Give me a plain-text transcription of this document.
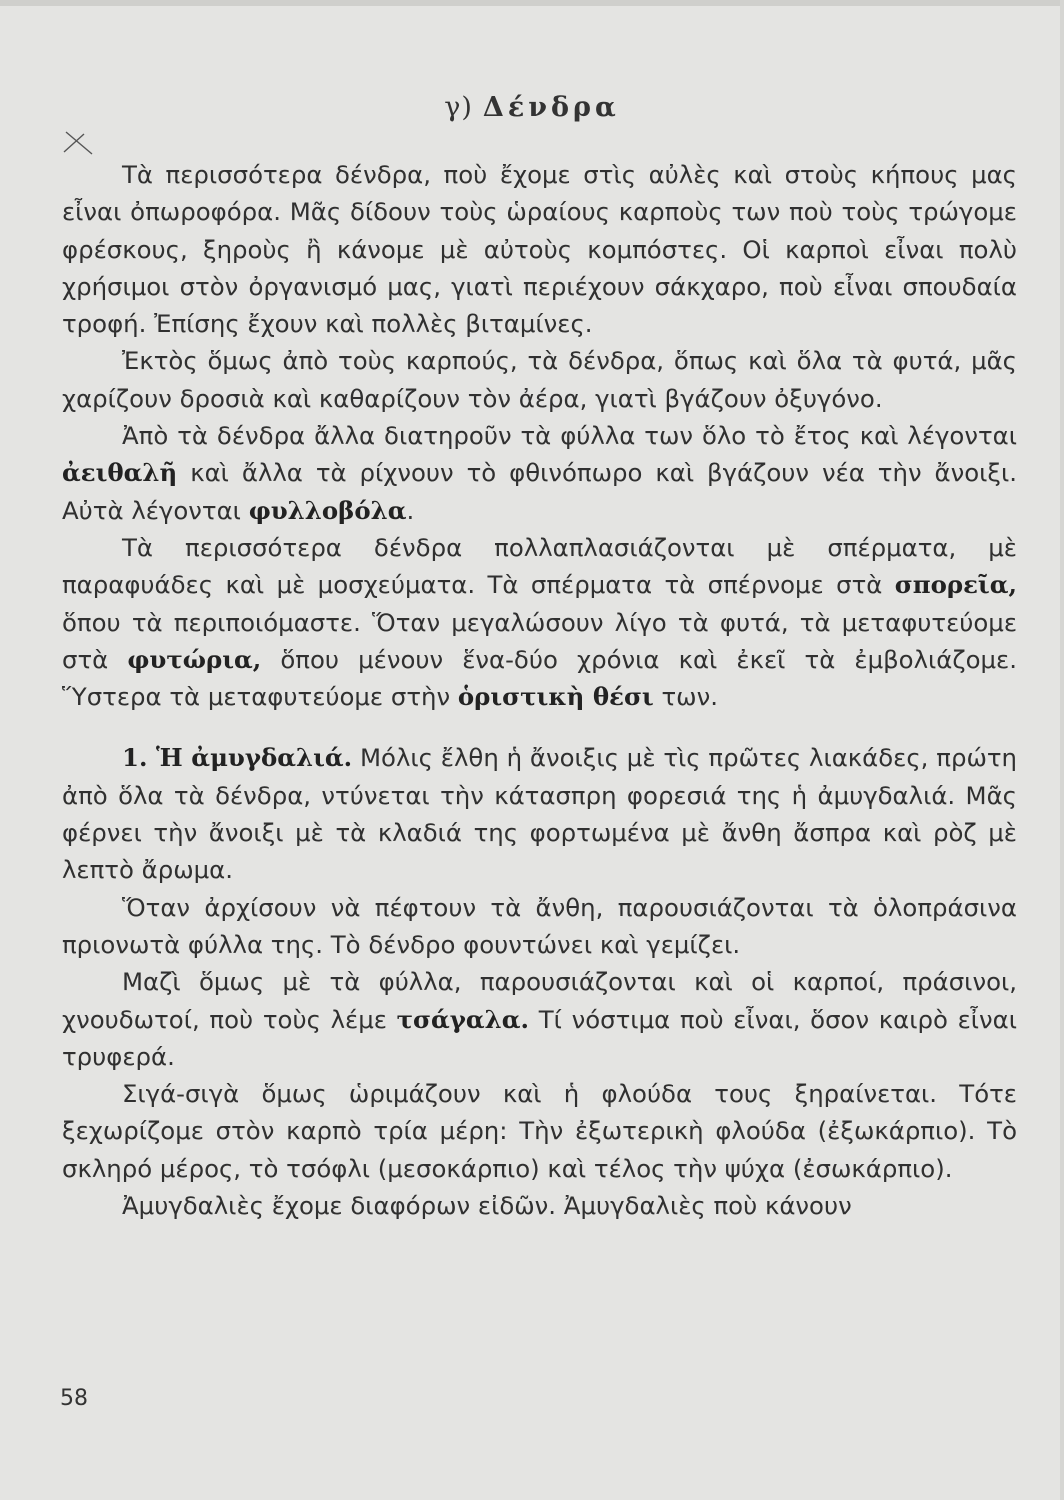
γ) Δένδρα

Τὰ περισσότερα δένδρα, ποὺ ἔχομε στὶς αὐλὲς καὶ στοὺς κήπους μας εἶναι ὀπωροφόρα. Μᾶς δίδουν τοὺς ὡραίους καρποὺς των ποὺ τοὺς τρώγομε φρέσκους, ξηροὺς ἢ κάνομε μὲ αὐτοὺς κομπόστες. Οἱ καρποὶ εἶναι πολὺ χρήσιμοι στὸν ὀργανισμό μας, γιατὶ περιέχουν σάκχαρο, ποὺ εἶναι σπουδαία τροφή. Ἐπίσης ἔχουν καὶ πολλὲς βιταμίνες.

Ἐκτὸς ὅμως ἀπὸ τοὺς καρπούς, τὰ δένδρα, ὅπως καὶ ὅλα τὰ φυτά, μᾶς χαρίζουν δροσιὰ καὶ καθαρίζουν τὸν ἀέρα, γιατὶ βγάζουν ὀξυγόνο.

Ἀπὸ τὰ δένδρα ἄλλα διατηροῦν τὰ φύλλα των ὅλο τὸ ἔτος καὶ λέγονται ἀειθαλῆ καὶ ἄλλα τὰ ρίχνουν τὸ φθινόπωρο καὶ βγάζουν νέα τὴν ἄνοιξι. Αὐτὰ λέγονται φυλλοβόλα.

Τὰ περισσότερα δένδρα πολλαπλασιάζονται μὲ σπέρματα, μὲ παραφυάδες καὶ μὲ μοσχεύματα. Τὰ σπέρματα τὰ σπέρνομε στὰ σπορεῖα, ὅπου τὰ περιποιόμαστε. Ὅταν μεγαλώσουν λίγο τὰ φυτά, τὰ μεταφυτεύομε στὰ φυτώρια, ὅπου μένουν ἕνα-δύο χρόνια καὶ ἐκεῖ τὰ ἐμβολιάζομε. Ὕστερα τὰ μεταφυτεύομε στὴν ὁριστικὴ θέσι των.

1. Ἡ ἀμυγδαλιά. Μόλις ἔλθη ἡ ἄνοιξις μὲ τὶς πρῶτες λιακάδες, πρώτη ἀπὸ ὅλα τὰ δένδρα, ντύνεται τὴν κάτασπρη φορεσιά της ἡ ἀμυγδαλιά. Μᾶς φέρνει τὴν ἄνοιξι μὲ τὰ κλαδιά της φορτωμένα μὲ ἄνθη ἄσπρα καὶ ρὸζ μὲ λεπτὸ ἄρωμα.

Ὅταν ἀρχίσουν νὰ πέφτουν τὰ ἄνθη, παρουσιάζονται τὰ ὁλοπράσινα πριονωτὰ φύλλα της. Τὸ δένδρο φουντώνει καὶ γεμίζει.

Μαζὶ ὅμως μὲ τὰ φύλλα, παρουσιάζονται καὶ οἱ καρποί, πράσινοι, χνουδωτοί, ποὺ τοὺς λέμε τσάγαλα. Τί νόστιμα ποὺ εἶναι, ὅσον καιρὸ εἶναι τρυφερά.

Σιγά-σιγὰ ὅμως ὡριμάζουν καὶ ἡ φλούδα τους ξηραίνεται. Τότε ξεχωρίζομε στὸν καρπὸ τρία μέρη: Τὴν ἐξωτερικὴ φλούδα (ἐξωκάρπιο). Τὸ σκληρό μέρος, τὸ τσόφλι (μεσοκάρπιο) καὶ τέλος τὴν ψύχα (ἐσωκάρπιο).

Ἀμυγδαλιὲς ἔχομε διαφόρων εἰδῶν. Ἀμυγδαλιὲς ποὺ κάνουν

58
